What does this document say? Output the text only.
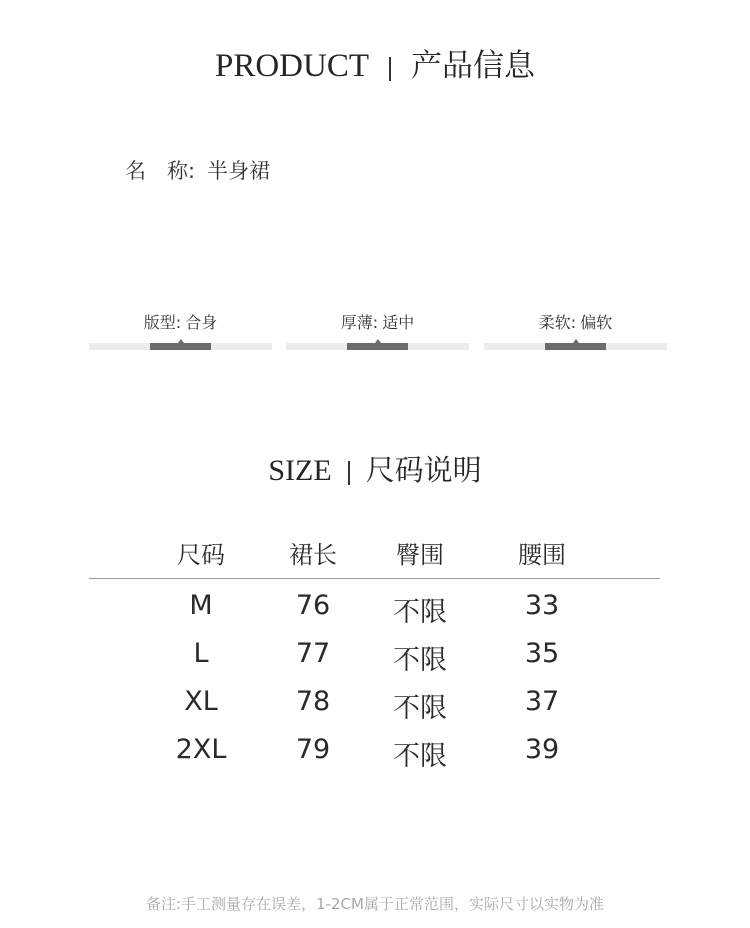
PRODUCT 产品信息
名　称: 半身裙
版型: 合身	厚薄: 适中	柔软: 偏软
SIZE 尺码说明
尺码	裙长	臀围	腰围
M	76	不限	33
L	77	不限	35
XL	78	不限	37
2XL	79	不限	39
备注:手工测量存在误差，1-2CM属于正常范围，实际尺寸以实物为准
